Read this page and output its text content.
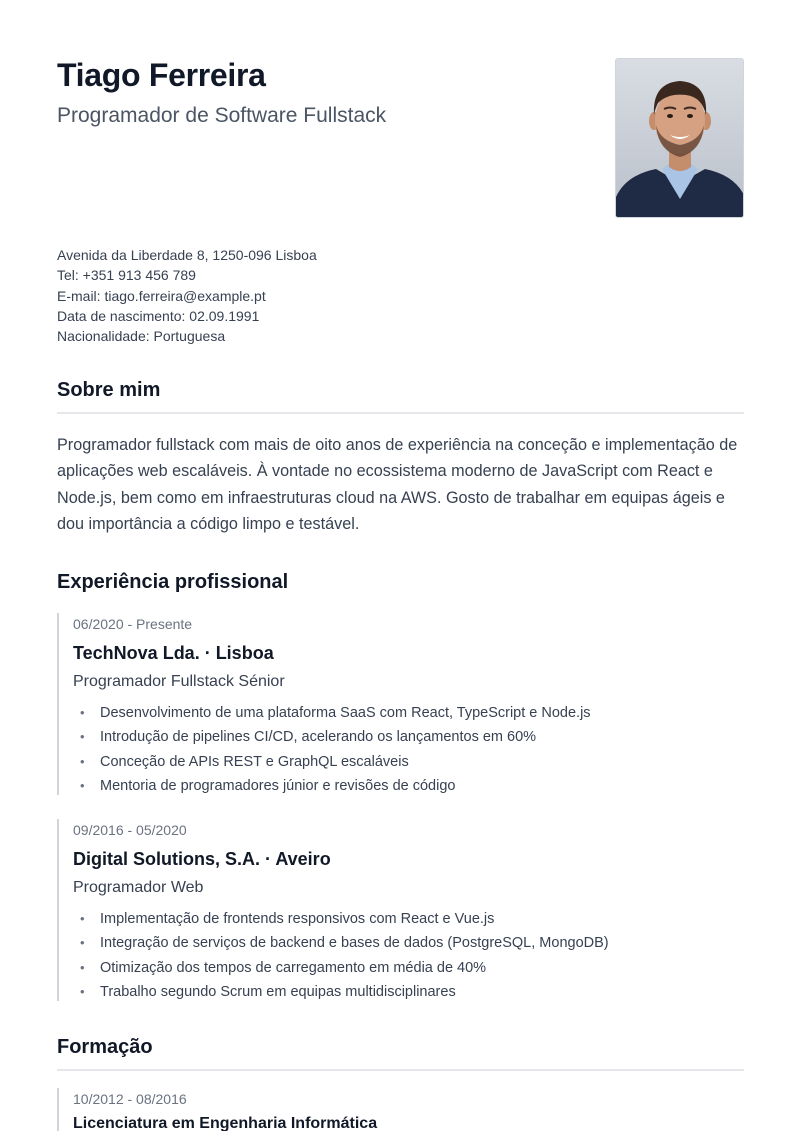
Tiago Ferreira
Programador de Software Fullstack
Avenida da Liberdade 8, 1250-096 Lisboa
Tel: +351 913 456 789
E-mail: tiago.ferreira@example.pt
Data de nascimento: 02.09.1991
Nacionalidade: Portuguesa
Sobre mim
Programador fullstack com mais de oito anos de experiência na conceção e implementação de aplicações web escaláveis. À vontade no ecossistema moderno de JavaScript com React e Node.js, bem como em infraestruturas cloud na AWS. Gosto de trabalhar em equipas ágeis e dou importância a código limpo e testável.
Experiência profissional
06/2020 - Presente
TechNova Lda. · Lisboa
Programador Fullstack Sénior
• Desenvolvimento de uma plataforma SaaS com React, TypeScript e Node.js
• Introdução de pipelines CI/CD, acelerando os lançamentos em 60%
• Conceção de APIs REST e GraphQL escaláveis
• Mentoria de programadores júnior e revisões de código
09/2016 - 05/2020
Digital Solutions, S.A. · Aveiro
Programador Web
• Implementação de frontends responsivos com React e Vue.js
• Integração de serviços de backend e bases de dados (PostgreSQL, MongoDB)
• Otimização dos tempos de carregamento em média de 40%
• Trabalho segundo Scrum em equipas multidisciplinares
Formação
10/2012 - 08/2016
Licenciatura em Engenharia Informática
